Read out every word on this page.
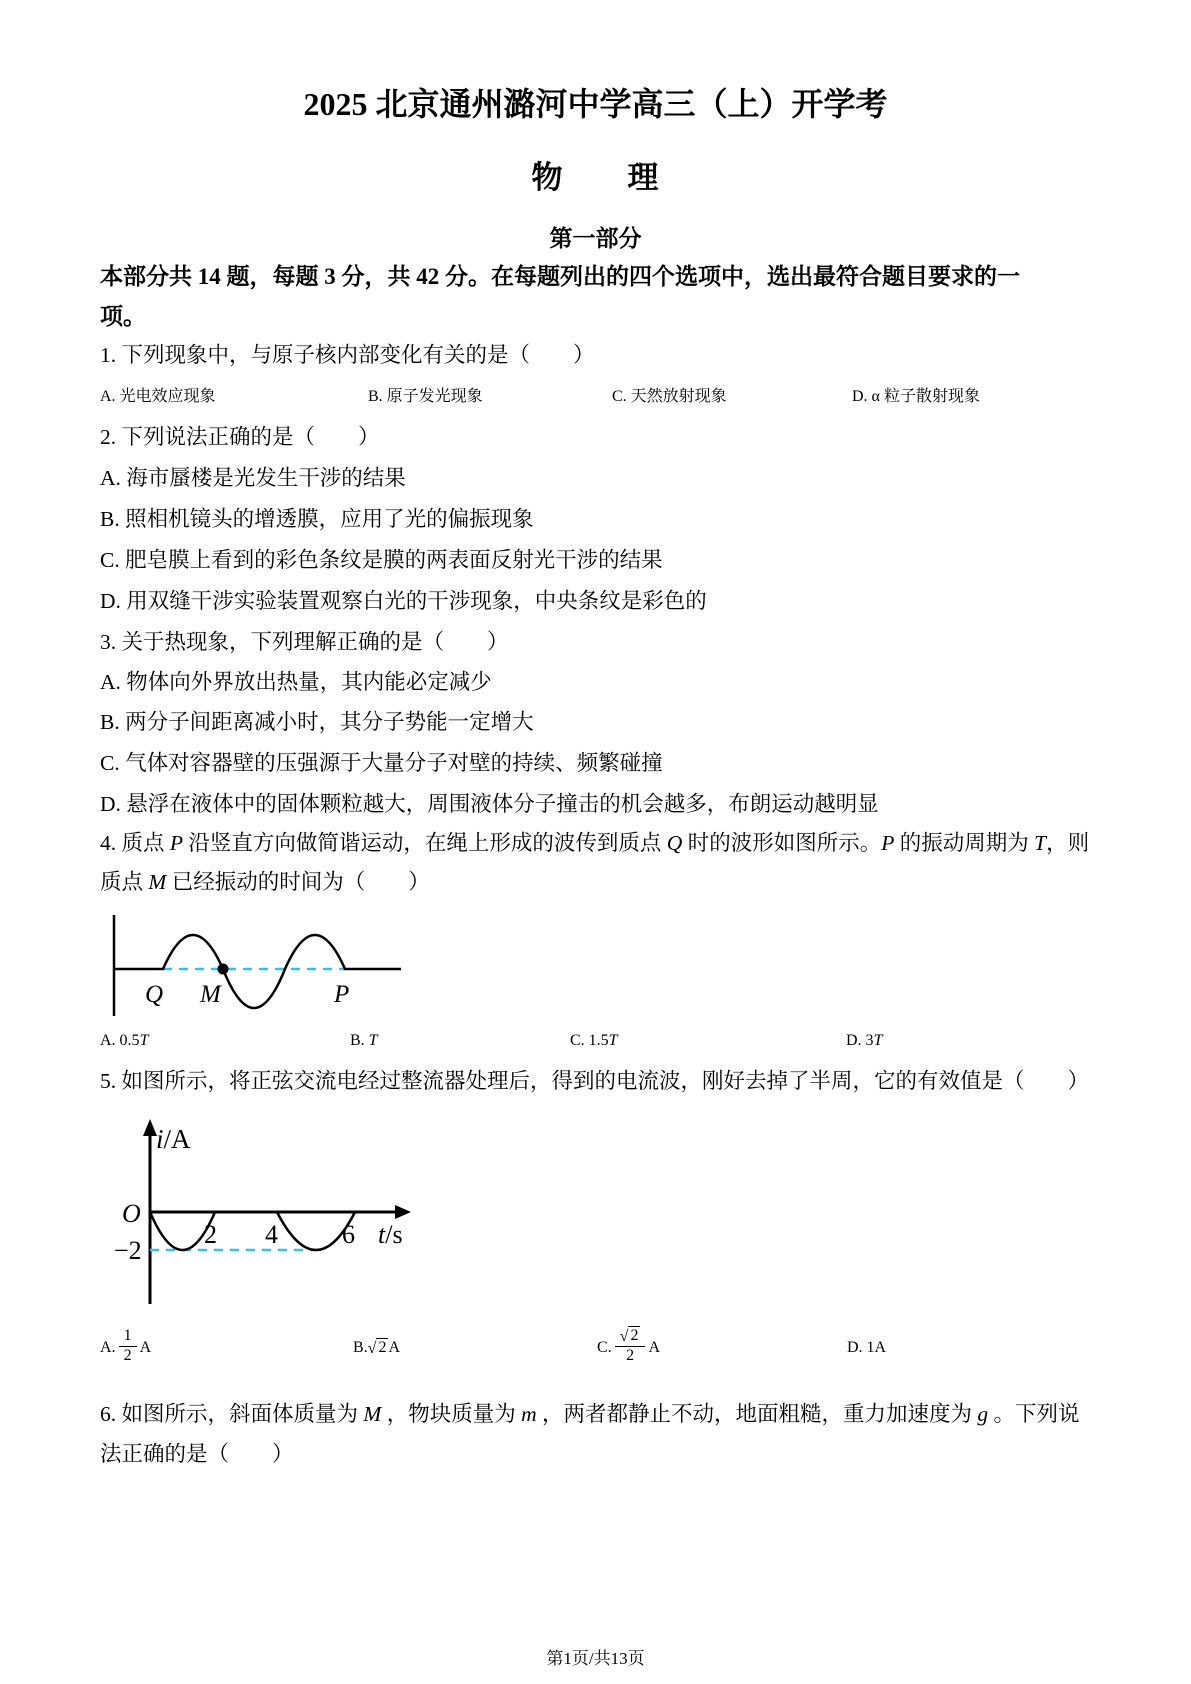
2025 北京通州潞河中学高三（上）开学考
物　　理
第一部分
本部分共 14 题，每题 3 分，共 42 分。在每题列出的四个选项中，选出最符合题目要求的一
项。
1. 下列现象中，与原子核内部变化有关的是（　　）
A. 光电效应现象	B. 原子发光现象	C. 天然放射现象	D. α 粒子散射现象
2. 下列说法正确的是（　　）
A. 海市蜃楼是光发生干涉的结果
B. 照相机镜头的增透膜，应用了光的偏振现象
C. 肥皂膜上看到的彩色条纹是膜的两表面反射光干涉的结果
D. 用双缝干涉实验装置观察白光的干涉现象，中央条纹是彩色的
3. 关于热现象，下列理解正确的是（　　）
A. 物体向外界放出热量，其内能必定减少
B. 两分子间距离减小时，其分子势能一定增大
C. 气体对容器壁的压强源于大量分子对壁的持续、频繁碰撞
D. 悬浮在液体中的固体颗粒越大，周围液体分子撞击的机会越多，布朗运动越明显
4. 质点 P 沿竖直方向做简谐运动，在绳上形成的波传到质点 Q 时的波形如图所示。P 的振动周期为 T，则
质点 M 已经振动的时间为（　　）
Q M	P
A. 0.5T	B. T	C. 1.5T	D. 3T
5. 如图所示，将正弦交流电经过整流器处理后，得到的电流波，刚好去掉了半周，它的有效值是（　　）
i/A
O
−2
2 4 6 t/s
A. $\frac{1}{2}$ A	B. √ 2 A	C. $\frac{√ 2}{2}$ A	D. 1A
6. 如图所示，斜面体质量为 M ，物块质量为 m ，两者都静止不动，地面粗糙，重力加速度为 g 。下列说
法正确的是（　　）
第1页/共13页
